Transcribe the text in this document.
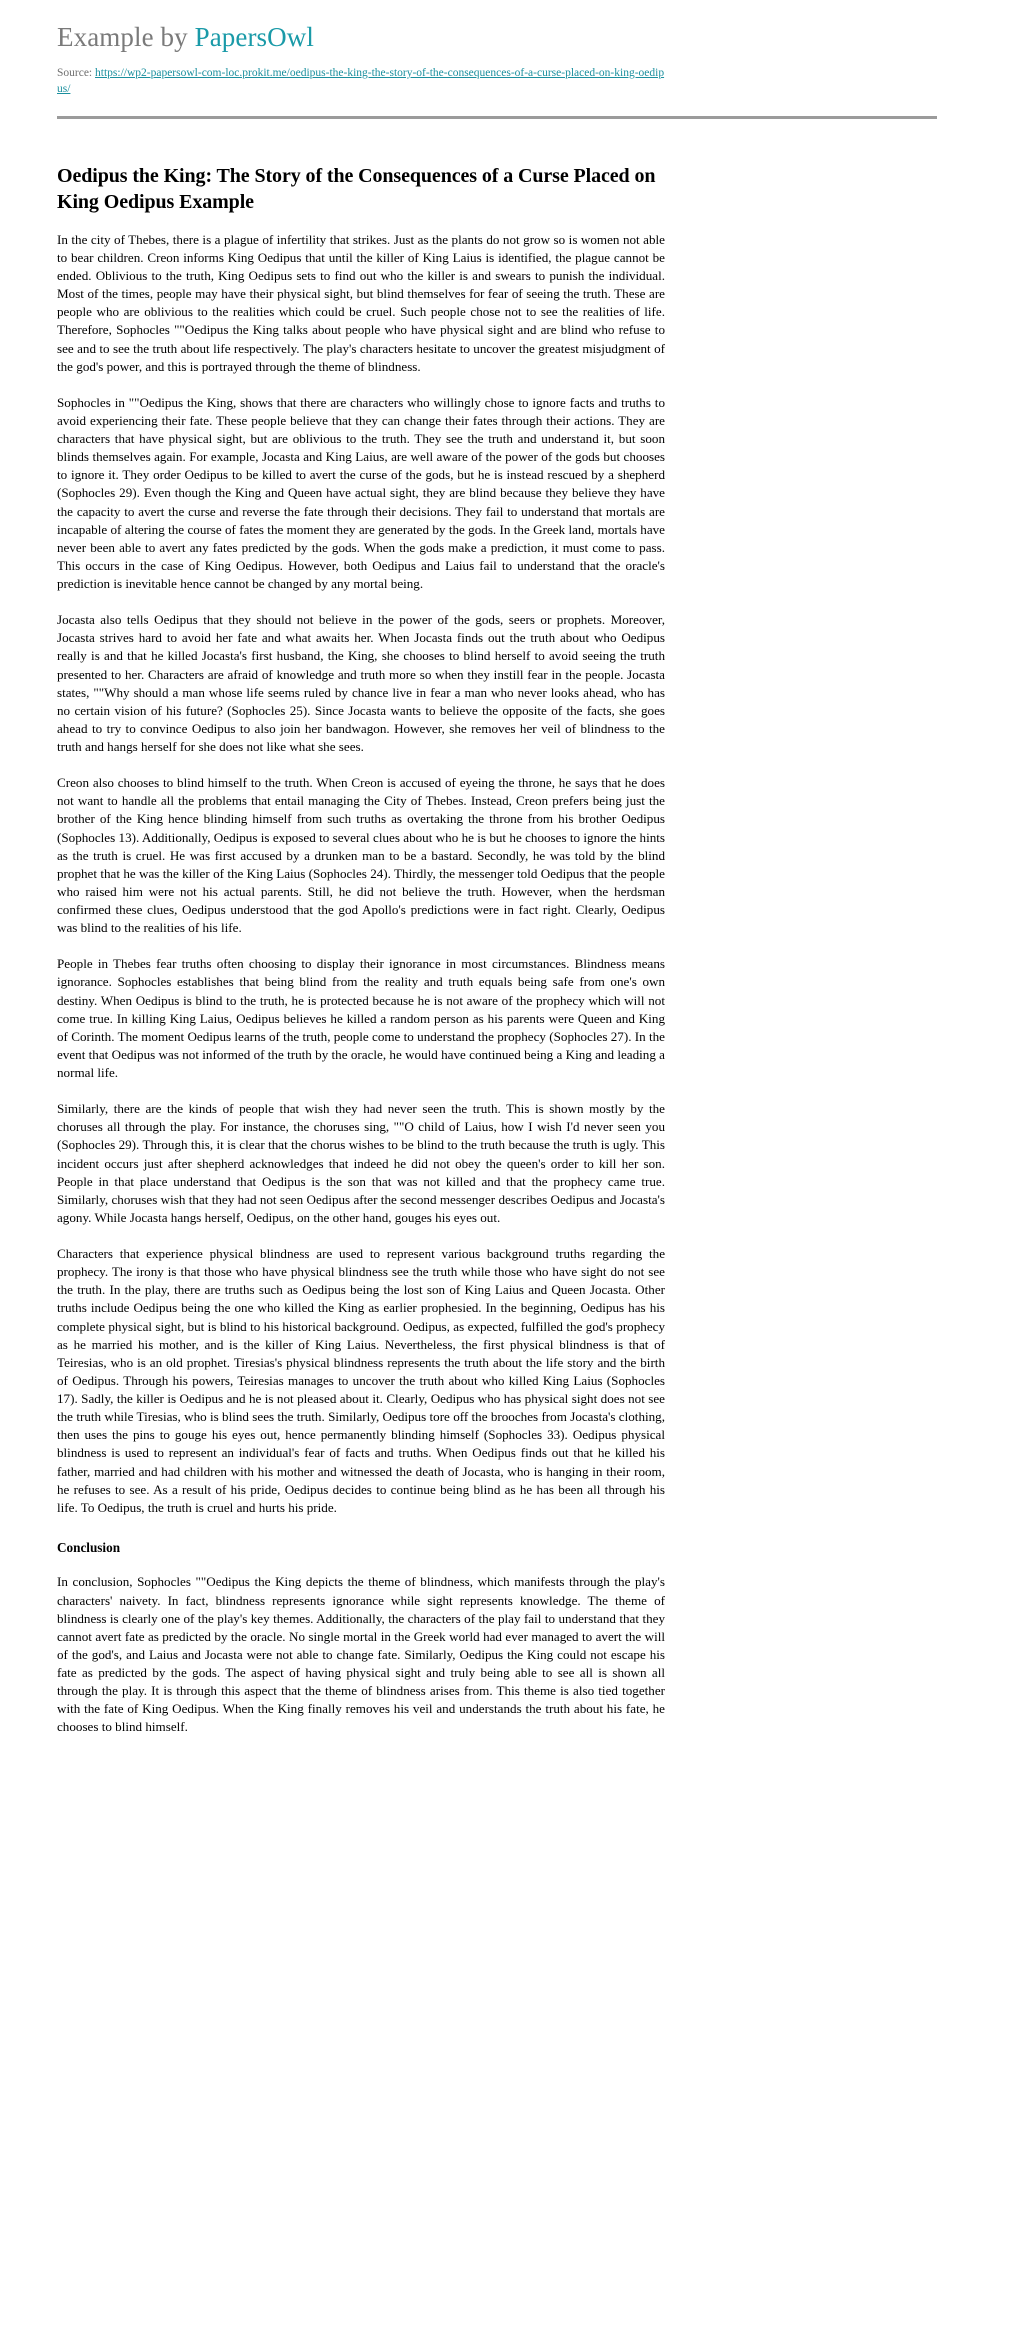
Example by PapersOwl
Source: https://wp2-papersowl-com-loc.prokit.me/oedipus-the-king-the-story-of-the-consequences-of-a-curse-placed-on-king-oedipus/
Oedipus the King: The Story of the Consequences of a Curse Placed on King Oedipus Example

In the city of Thebes, there is a plague of infertility that strikes. Just as the plants do not grow so is women not able to bear children. Creon informs King Oedipus that until the killer of King Laius is identified, the plague cannot be ended. Oblivious to the truth, King Oedipus sets to find out who the killer is and swears to punish the individual. Most of the times, people may have their physical sight, but blind themselves for fear of seeing the truth. These are people who are oblivious to the realities which could be cruel. Such people chose not to see the realities of life. Therefore, Sophocles ""Oedipus the King talks about people who have physical sight and are blind who refuse to see and to see the truth about life respectively. The play's characters hesitate to uncover the greatest misjudgment of the god's power, and this is portrayed through the theme of blindness.

Sophocles in ""Oedipus the King, shows that there are characters who willingly chose to ignore facts and truths to avoid experiencing their fate. These people believe that they can change their fates through their actions. They are characters that have physical sight, but are oblivious to the truth. They see the truth and understand it, but soon blinds themselves again. For example, Jocasta and King Laius, are well aware of the power of the gods but chooses to ignore it. They order Oedipus to be killed to avert the curse of the gods, but he is instead rescued by a shepherd (Sophocles 29). Even though the King and Queen have actual sight, they are blind because they believe they have the capacity to avert the curse and reverse the fate through their decisions. They fail to understand that mortals are incapable of altering the course of fates the moment they are generated by the gods. In the Greek land, mortals have never been able to avert any fates predicted by the gods. When the gods make a prediction, it must come to pass. This occurs in the case of King Oedipus. However, both Oedipus and Laius fail to understand that the oracle's prediction is inevitable hence cannot be changed by any mortal being.

Jocasta also tells Oedipus that they should not believe in the power of the gods, seers or prophets. Moreover, Jocasta strives hard to avoid her fate and what awaits her. When Jocasta finds out the truth about who Oedipus really is and that he killed Jocasta's first husband, the King, she chooses to blind herself to avoid seeing the truth presented to her. Characters are afraid of knowledge and truth more so when they instill fear in the people. Jocasta states, ""Why should a man whose life seems ruled by chance live in fear a man who never looks ahead, who has no certain vision of his future? (Sophocles 25). Since Jocasta wants to believe the opposite of the facts, she goes ahead to try to convince Oedipus to also join her bandwagon. However, she removes her veil of blindness to the truth and hangs herself for she does not like what she sees.

Creon also chooses to blind himself to the truth. When Creon is accused of eyeing the throne, he says that he does not want to handle all the problems that entail managing the City of Thebes. Instead, Creon prefers being just the brother of the King hence blinding himself from such truths as overtaking the throne from his brother Oedipus (Sophocles 13). Additionally, Oedipus is exposed to several clues about who he is but he chooses to ignore the hints as the truth is cruel. He was first accused by a drunken man to be a bastard. Secondly, he was told by the blind prophet that he was the killer of the King Laius (Sophocles 24). Thirdly, the messenger told Oedipus that the people who raised him were not his actual parents. Still, he did not believe the truth. However, when the herdsman confirmed these clues, Oedipus understood that the god Apollo's predictions were in fact right. Clearly, Oedipus was blind to the realities of his life.

People in Thebes fear truths often choosing to display their ignorance in most circumstances. Blindness means ignorance. Sophocles establishes that being blind from the reality and truth equals being safe from one's own destiny. When Oedipus is blind to the truth, he is protected because he is not aware of the prophecy which will not come true. In killing King Laius, Oedipus believes he killed a random person as his parents were Queen and King of Corinth. The moment Oedipus learns of the truth, people come to understand the prophecy (Sophocles 27). In the event that Oedipus was not informed of the truth by the oracle, he would have continued being a King and leading a normal life.

Similarly, there are the kinds of people that wish they had never seen the truth. This is shown mostly by the choruses all through the play. For instance, the choruses sing, ""O child of Laius, how I wish I'd never seen you (Sophocles 29). Through this, it is clear that the chorus wishes to be blind to the truth because the truth is ugly. This incident occurs just after shepherd acknowledges that indeed he did not obey the queen's order to kill her son. People in that place understand that Oedipus is the son that was not killed and that the prophecy came true. Similarly, choruses wish that they had not seen Oedipus after the second messenger describes Oedipus and Jocasta's agony. While Jocasta hangs herself, Oedipus, on the other hand, gouges his eyes out.

Characters that experience physical blindness are used to represent various background truths regarding the prophecy. The irony is that those who have physical blindness see the truth while those who have sight do not see the truth. In the play, there are truths such as Oedipus being the lost son of King Laius and Queen Jocasta. Other truths include Oedipus being the one who killed the King as earlier prophesied. In the beginning, Oedipus has his complete physical sight, but is blind to his historical background. Oedipus, as expected, fulfilled the god's prophecy as he married his mother, and is the killer of King Laius. Nevertheless, the first physical blindness is that of Teiresias, who is an old prophet. Tiresias's physical blindness represents the truth about the life story and the birth of Oedipus. Through his powers, Teiresias manages to uncover the truth about who killed King Laius (Sophocles 17). Sadly, the killer is Oedipus and he is not pleased about it. Clearly, Oedipus who has physical sight does not see the truth while Tiresias, who is blind sees the truth. Similarly, Oedipus tore off the brooches from Jocasta's clothing, then uses the pins to gouge his eyes out, hence permanently blinding himself (Sophocles 33). Oedipus physical blindness is used to represent an individual's fear of facts and truths. When Oedipus finds out that he killed his father, married and had children with his mother and witnessed the death of Jocasta, who is hanging in their room, he refuses to see. As a result of his pride, Oedipus decides to continue being blind as he has been all through his life. To Oedipus, the truth is cruel and hurts his pride.

Conclusion

In conclusion, Sophocles ""Oedipus the King depicts the theme of blindness, which manifests through the play's characters' naivety. In fact, blindness represents ignorance while sight represents knowledge. The theme of blindness is clearly one of the play's key themes. Additionally, the characters of the play fail to understand that they cannot avert fate as predicted by the oracle. No single mortal in the Greek world had ever managed to avert the will of the god's, and Laius and Jocasta were not able to change fate. Similarly, Oedipus the King could not escape his fate as predicted by the gods. The aspect of having physical sight and truly being able to see all is shown all through the play. It is through this aspect that the theme of blindness arises from. This theme is also tied together with the fate of King Oedipus. When the King finally removes his veil and understands the truth about his fate, he chooses to blind himself.
